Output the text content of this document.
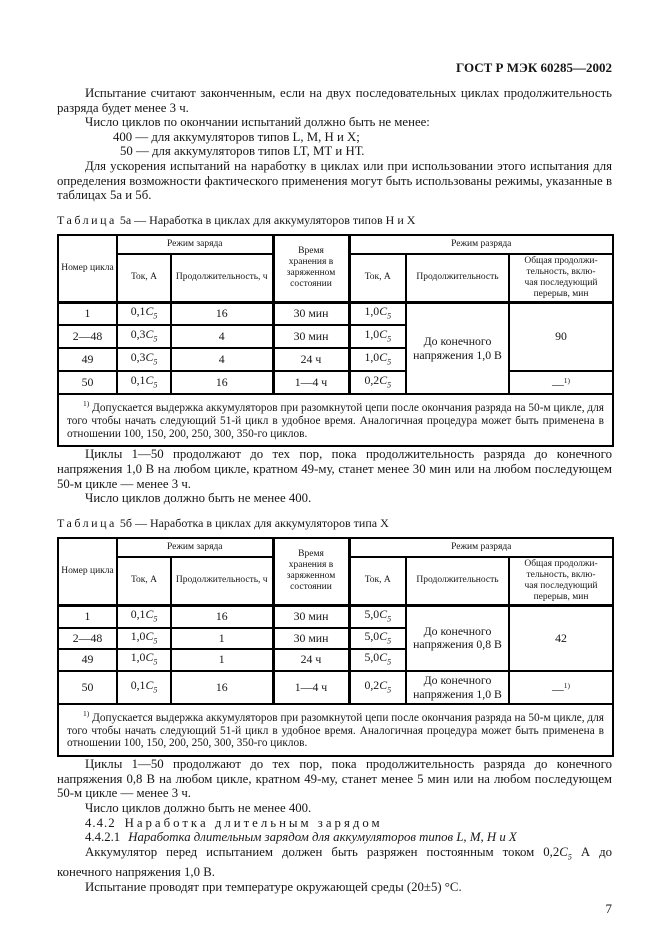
ГОСТ Р МЭК 60285—2002

Испытание считают законченным, если на двух последовательных циклах продолжительность разряда будет менее 3 ч.

Число циклов по окончании испытаний должно быть не менее:

400 — для аккумуляторов типов L, М, Н и Х;

50 — для аккумуляторов типов LT, МТ и НТ.

Для ускорения испытаний на наработку в циклах или при использовании этого испытания для определения возможности фактического применения могут быть использованы режимы, указанные в таблицах 5а и 5б.

Таблица 5а — Наработка в циклах для аккумуляторов типов Н и Х

Номер цикла	Режим заряда		Время
хранения в
заряженном
состоянии	Режим разряда		
	Ток, А	Продолжительность, ч		Ток, А	Продолжительность	Общая продолжи-
тельность, вклю-
чая последующий
перерыв, мин
1	$0,1C_5$	16	30 мин	$1,0C_5$	До конечного напряжения 1,0 В	90
2—48	$0,3C_5$	4	30 мин	$1,0C_5$
49	$0,3C_5$	4	24 ч	$1,0C_5$
50	$0,1C_5$	16	1—4 ч	$0,2C_5$		—$^{1)}$
$^{1)}$ Допускается выдержка аккумуляторов при разомкнутой цепи после окончания разряда на 50-м цикле, для того чтобы начать следующий 51-й цикл в удобное время. Аналогичная процедура может быть применена в отношении 100, 150, 200, 250, 300, 350-го циклов.						

Циклы 1—50 продолжают до тех пор, пока продолжительность разряда до конечного напряжения 1,0 В на любом цикле, кратном 49-му, станет менее 30 мин или на любом последующем 50-м цикле — менее 3 ч.

Число циклов должно быть не менее 400.

Таблица 5б — Наработка в циклах для аккумуляторов типа Х

Номер цикла	Режим заряда		Время
хранения в
заряженном
состоянии	Режим разряда		
	Ток, А	Продолжительность, ч		Ток, А	Продолжительность	Общая продолжи-
тельность, вклю-
чая последующий
перерыв, мин
1	$0,1C_5$	16	30 мин	$5,0C_5$	До конечного напряжения 0,8 В	42
2—48	$1,0C_5$	1	30 мин	$5,0C_5$
49	$1,0C_5$	1	24 ч	$5,0C_5$
50	$0,1C_5$	16	1—4 ч	$0,2C_5$	До конечного напряжения 1,0 В	—$^{1)}$
$^{1)}$ Допускается выдержка аккумуляторов при разомкнутой цепи после окончания разряда на 50-м цикле, для того чтобы начать следующий 51-й цикл в удобное время. Аналогичная процедура может быть применена в отношении 100, 150, 200, 250, 300, 350-го циклов.						

Циклы 1—50 продолжают до тех пор, пока продолжительность разряда до конечного напряжения 0,8 В на любом цикле, кратном 49-му, станет менее 5 мин или на любом последующем 50-м цикле — менее 3 ч.

Число циклов должно быть не менее 400.

4.4.2 Наработка длительным зарядом

4.4.2.1 Наработка длительным зарядом для аккумуляторов типов L, М, Н и Х

Аккумулятор перед испытанием должен быть разряжен постоянным током $0,2C_5$ А до конечного напряжения 1,0 В.

Испытание проводят при температуре окружающей среды (20±5) °С.

7
